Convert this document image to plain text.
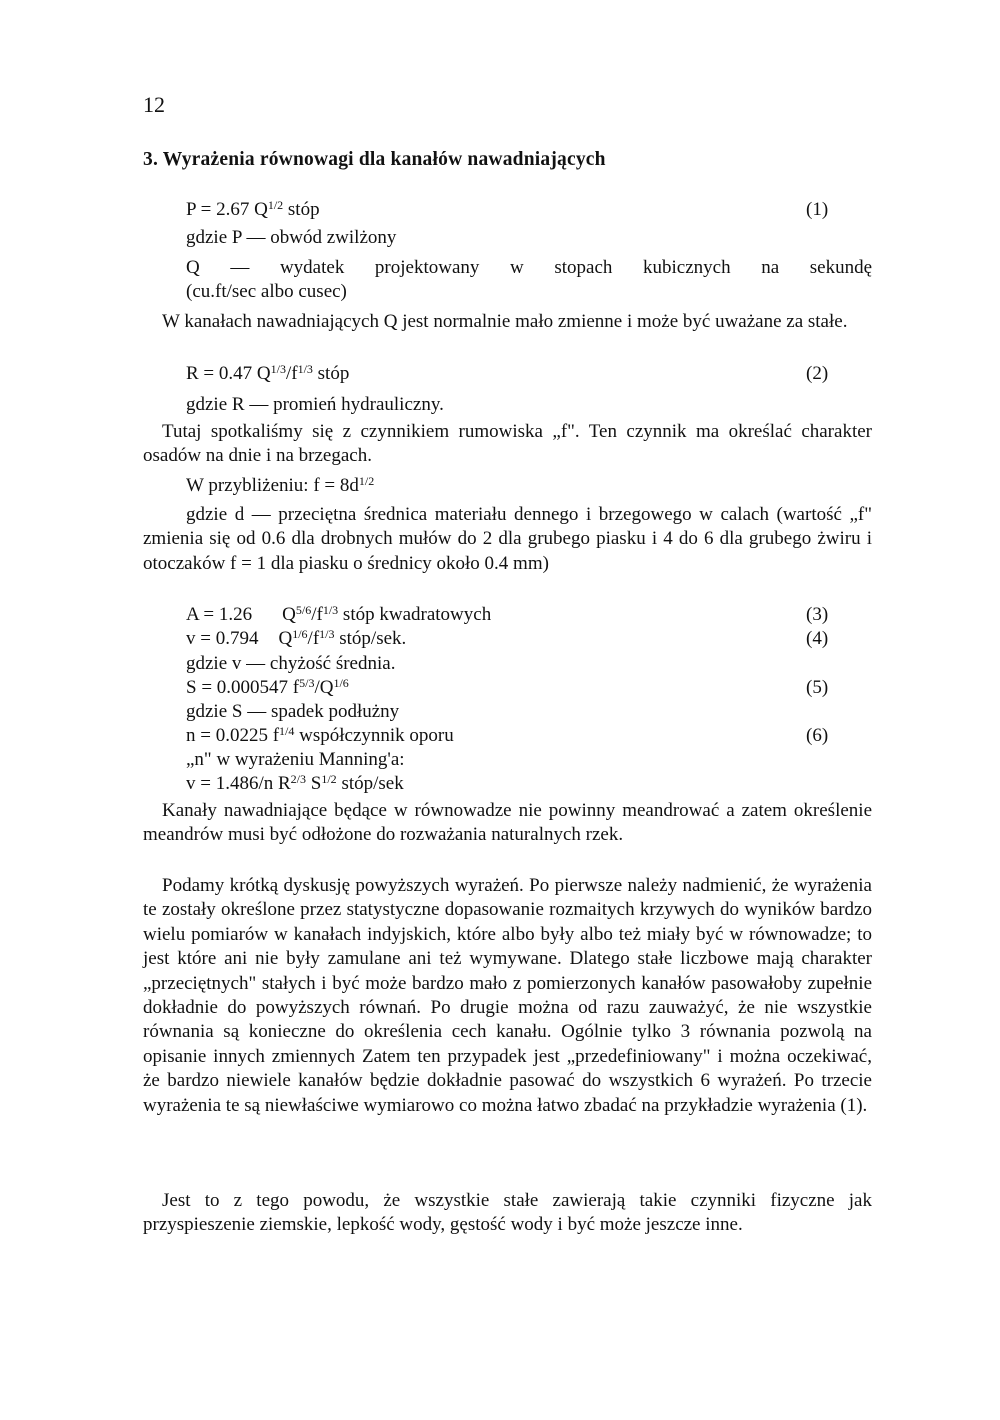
12
3. Wyrażenia równowagi dla kanałów nawadniających
P = 2.67 $Q^{1/2}$ stóp	(1)
gdzie P — obwód zwilżony
Q — wydatek projektowany w stopach kubicznych na sekundę
(cu.ft/sec albo cusec)
W kanałach nawadniających Q jest normalnie mało zmienne i może być uważane za stałe.
R = 0.47 $Q^{1/3}/f^{1/3}$ stóp	(2)
gdzie R — promień hydrauliczny.
Tutaj spotkaliśmy się z czynnikiem rumowiska „f". Ten czynnik ma określać charakter osadów na dnie i na brzegach.
W przybliżeniu: $f = 8d^{1/2}$
gdzie d — przeciętna średnica materiału dennego i brzegowego w calach (wartość „f" zmienia się od 0.6 dla drobnych mułów do 2 dla grubego piasku i 4 do 6 dla grubego żwiru i otoczaków f = 1 dla piasku o średnicy około 0.4 mm)
A = 1.26 $Q^{5/6}/f^{1/3}$ stóp kwadratowych	(3)
v = 0.794 $Q^{1/6}/f^{1/3}$ stóp/sek.	(4)
gdzie v — chyżość średnia.
S = 0.000547 $f^{5/3}/Q^{1/6}$	(5)
gdzie S — spadek podłużny
n = 0.0225 $f^{1/4}$ współczynnik oporu	(6)
„n" w wyrażeniu Manning'a:
v = 1.486/n $R^{2/3}$ $S^{1/2}$ stóp/sek
Kanały nawadniające będące w równowadze nie powinny meandrować a zatem określenie meandrów musi być odłożone do rozważania naturalnych rzek.
Podamy krótką dyskusję powyższych wyrażeń. Po pierwsze należy nadmienić, że wyrażenia te zostały określone przez statystyczne dopasowanie rozmaitych krzywych do wyników bardzo wielu pomiarów w kanałach indyjskich, które albo były albo też miały być w równowadze; to jest które ani nie były zamulane ani też wymywane. Dlatego stałe liczbowe mają charakter „przeciętnych" stałych i być może bardzo mało z pomierzonych kanałów pasowałoby zupełnie dokładnie do powyższych równań. Po drugie można od razu zauważyć, że nie wszystkie równania są konieczne do określenia cech kanału. Ogólnie tylko 3 równania pozwolą na opisanie innych zmiennych Zatem ten przypadek jest „przedefiniowany" i można oczekiwać, że bardzo niewiele kanałów będzie dokładnie pasować do wszystkich 6 wyrażeń. Po trzecie wyrażenia te są niewłaściwe wymiarowo co można łatwo zbadać na przykładzie wyrażenia (1).
Jest to z tego powodu, że wszystkie stałe zawierają takie czynniki fizyczne jak przyspieszenie ziemskie, lepkość wody, gęstość wody i być może jeszcze inne.
